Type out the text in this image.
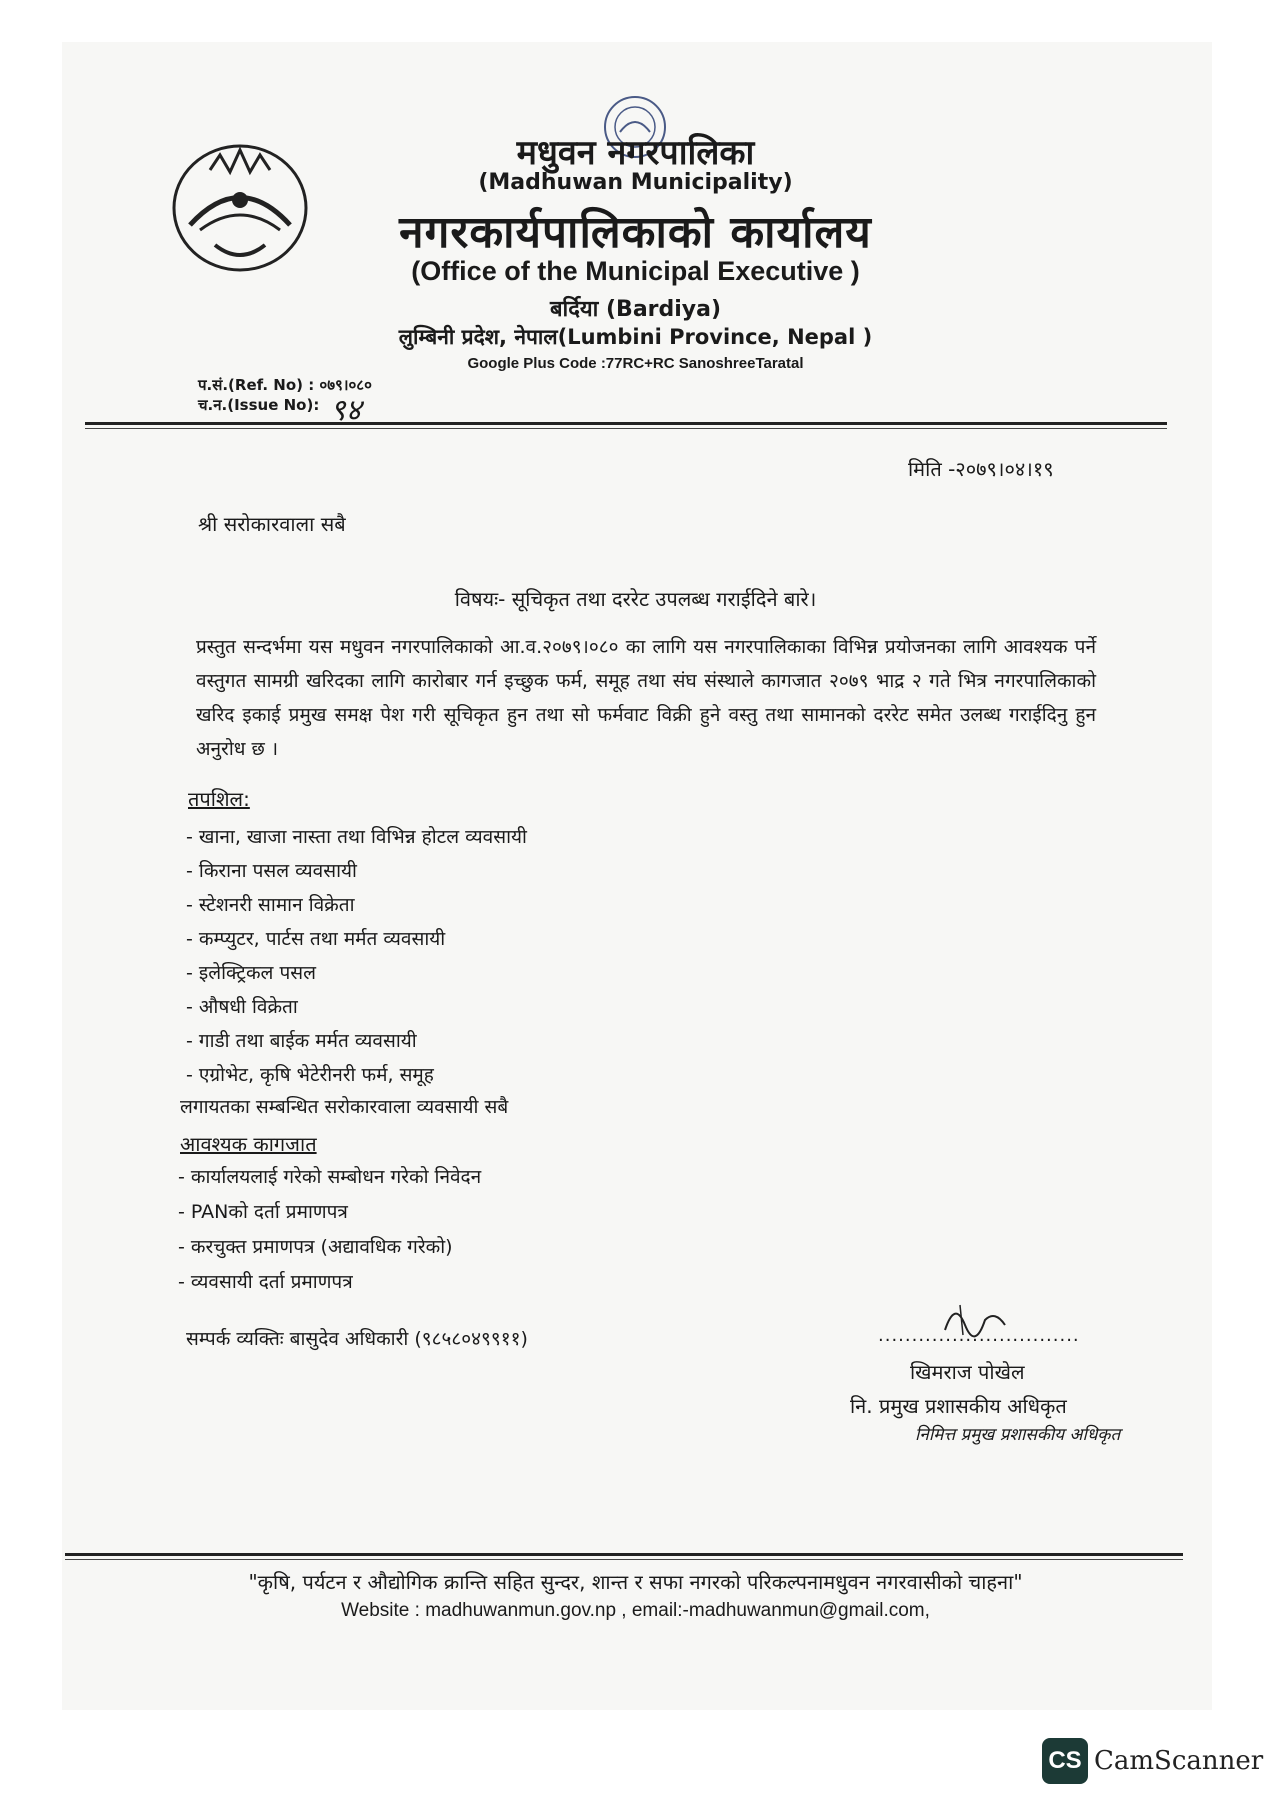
मधुवन नगरपालिका
(Madhuwan Municipality)
नगरकार्यपालिकाको कार्यालय
(Office of the Municipal Executive )
बर्दिया (Bardiya)
लुम्बिनी प्रदेश, नेपाल(Lumbini Province, Nepal )
Google Plus Code :77RC+RC SanoshreeTaratal
प.सं.(Ref. No) : ०७९।०८०
च.न.(Issue No): ९४
मिति -२०७९।०४।१९
श्री सरोकारवाला सबै
विषयः- सूचिकृत तथा दररेट उपलब्ध गराईदिने बारे।
प्रस्तुत सन्दर्भमा यस मधुवन नगरपालिकाको आ.व.२०७९।०८० का लागि यस नगरपालिकाका विभिन्न प्रयोजनका लागि आवश्यक पर्ने वस्तुगत सामग्री खरिदका लागि कारोबार गर्न इच्छुक फर्म, समूह तथा संघ संस्थाले कागजात २०७९ भाद्र २ गते भित्र नगरपालिकाको खरिद इकाई प्रमुख समक्ष पेश गरी सूचिकृत हुन तथा सो फर्मवाट विक्री हुने वस्तु तथा सामानको दररेट समेत उलब्ध गराईदिनु हुन अनुरोध छ ।
तपशिल:
- खाना, खाजा नास्ता तथा विभिन्न होटल व्यवसायी
- किराना पसल व्यवसायी
- स्टेशनरी सामान विक्रेता
- कम्प्युटर, पार्टस तथा मर्मत व्यवसायी
- इलेक्ट्रिकल पसल
- औषधी विक्रेता
- गाडी तथा बाईक मर्मत व्यवसायी
- एग्रोभेट, कृषि भेटेरीनरी फर्म, समूह
लगायतका सम्बन्धित सरोकारवाला व्यवसायी सबै
आवश्यक कागजात
- कार्यालयलाई गरेको सम्बोधन गरेको निवेदन
- PANको दर्ता प्रमाणपत्र
- करचुक्त प्रमाणपत्र (अद्यावधिक गरेको)
- व्यवसायी दर्ता प्रमाणपत्र
सम्पर्क व्यक्तिः बासुदेव अधिकारी (९८५८०४९९११)	..............................
खिमराज पोखेल
नि. प्रमुख प्रशासकीय अधिकृत
निमित्त प्रमुख प्रशासकीय अधिकृत
"कृषि, पर्यटन र औद्योगिक क्रान्ति सहित सुन्दर, शान्त र सफा नगरको परिकल्पनामधुवन नगरवासीको चाहना"
Website : madhuwanmun.gov.np , email:-madhuwanmun@gmail.com,
CS CamScanner
